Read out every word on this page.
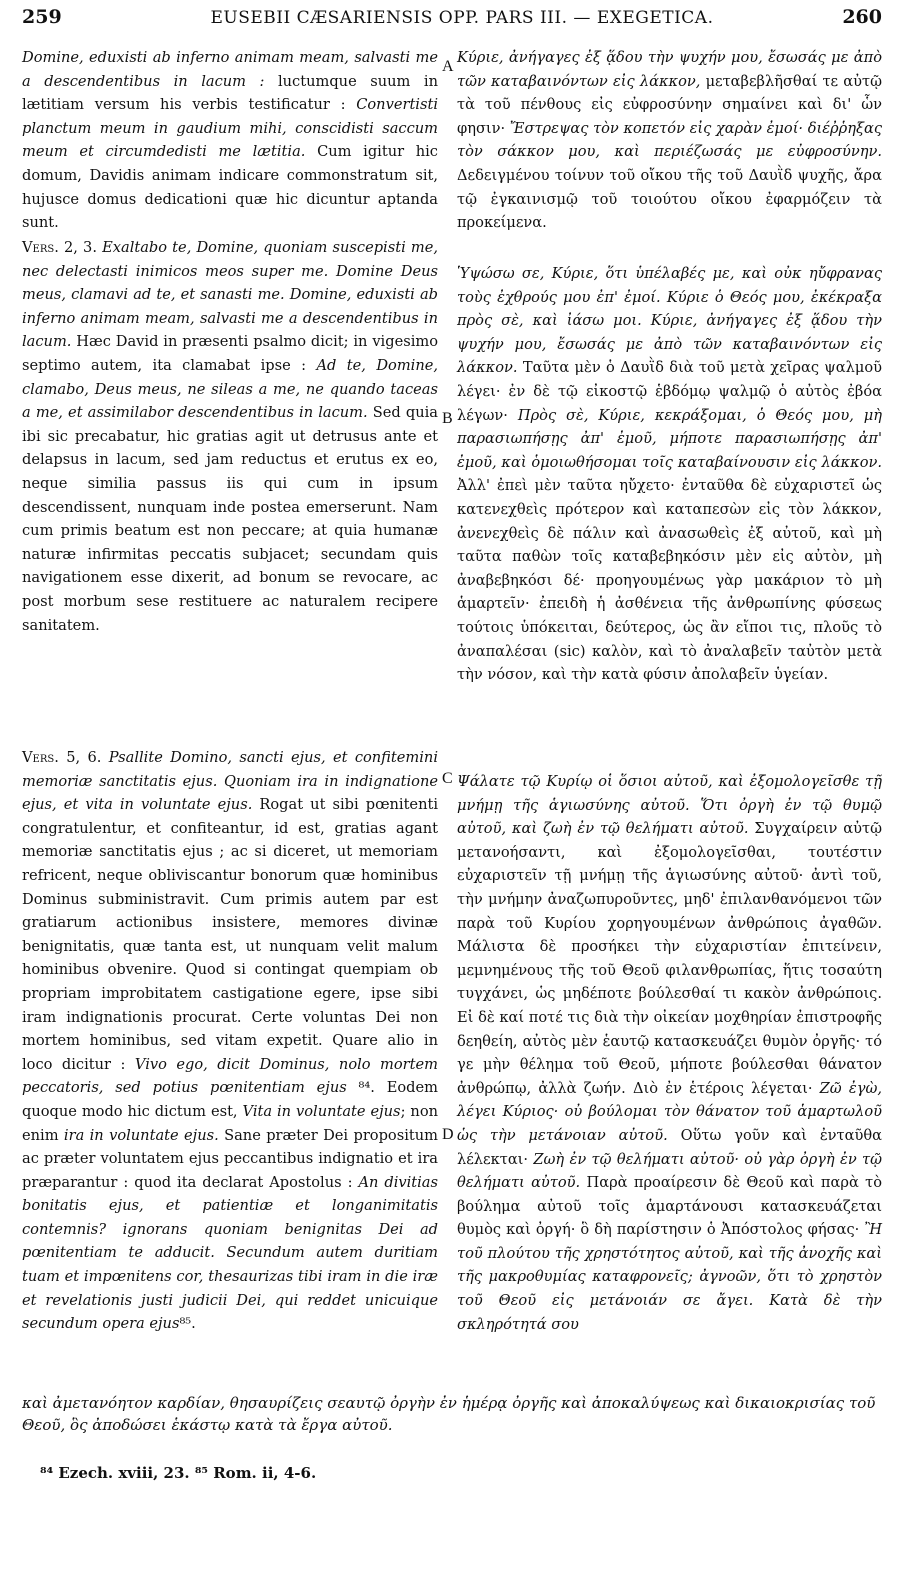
259	EUSEBII CÆSARIENSIS OPP. PARS III. — EXEGETICA.	260

Domine, eduxisti ab inferno animam meam, salvasti me a descendentibus in lacum : luctumque suum in lætitiam versum his verbis testificatur : Convertisti planctum meum in gaudium mihi, conscidisti saccum meum et circumdedisti me lætitia. Cum igitur hic domum, Davidis animam indicare commonstratum sit, hujusce domus dedicationi quæ hic dicuntur aptanda sunt.

Vers. 2, 3. Exaltabo te, Domine, quoniam suscepisti me, nec delectasti inimicos meos super me. Domine Deus meus, clamavi ad te, et sanasti me. Domine, eduxisti ab inferno animam meam, salvasti me a descendentibus in lacum. Hæc David in præsenti psalmo dicit; in vigesimo septimo autem, ita clamabat ipse : Ad te, Domine, clamabo, Deus meus, ne sileas a me, ne quando taceas a me, et assimilabor descendentibus in lacum. Sed quia ibi sic precabatur, hic gratias agit ut detrusus ante et delapsus in lacum, sed jam reductus et erutus ex eo, neque similia passus iis qui cum in ipsum descendissent, nunquam inde postea emerserunt. Nam cum primis beatum est non peccare; at quia humanæ naturæ infirmitas peccatis subjacet; secundam quis navigationem esse dixerit, ad bonum se revocare, ac post morbum sese restituere ac naturalem recipere sanitatem.

Vers. 5, 6. Psallite Domino, sancti ejus, et confitemini memoriæ sanctitatis ejus. Quoniam ira in indignatione ejus, et vita in voluntate ejus. Rogat ut sibi pœnitenti congratulentur, et confiteantur, id est, gratias agant memoriæ sanctitatis ejus ; ac si diceret, ut memoriam refricent, neque obliviscantur bonorum quæ hominibus Dominus subministravit. Cum primis autem par est gratiarum actionibus insistere, memores divinæ benignitatis, quæ tanta est, ut nunquam velit malum hominibus obvenire. Quod si contingat quempiam ob propriam improbitatem castigatione egere, ipse sibi iram indignationis procurat. Certe voluntas Dei non mortem hominibus, sed vitam expetit. Quare alio in loco dicitur : Vivo ego, dicit Dominus, nolo mortem peccatoris, sed potius pœnitentiam ejus ⁸⁴. Eodem quoque modo hic dictum est, Vita in voluntate ejus; non enim ira in voluntate ejus. Sane præter Dei propositum ac præter voluntatem ejus peccantibus indignatio et ira præparantur : quod ita declarat Apostolus : An divitias bonitatis ejus, et patientiæ et longanimitatis contemnis? ignorans quoniam benignitas Dei ad pœnitentiam te adducit. Secundum autem duritiam tuam et impœnitens cor, thesaurizas tibi iram in die iræ et revelationis justi judicii Dei, qui reddet unicuique secundum opera ejus⁸⁵.

Κύριε, ἀνήγαγες ἐξ ᾅδου τὴν ψυχήν μου, ἔσωσάς με ἀπὸ τῶν καταβαινόντων εἰς λάκκον, μεταβεβλῆσθαί τε αὐτῷ τὰ τοῦ πένθους εἰς εὐφροσύνην σημαίνει καὶ δι' ὧν φησιν· Ἔστρεψας τὸν κοπετόν εἰς χαρὰν ἐμοί· διέῤῥηξας τὸν σάκκον μου, καὶ περιέζωσάς με εὐφροσύνην. Δεδειγμένου τοίνυν τοῦ οἴκου τῆς τοῦ Δαυῒδ ψυχῆς, ἄρα τῷ ἐγκαινισμῷ τοῦ τοιούτου οἴκου ἐφαρμόζειν τὰ προκείμενα.

Ὑψώσω σε, Κύριε, ὅτι ὑπέλαβές με, καὶ οὐκ ηὔφρανας τοὺς ἐχθρούς μου ἐπ' ἐμοί. Κύριε ὁ Θεός μου, ἐκέκραξα πρὸς σὲ, καὶ ἰάσω μοι. Κύριε, ἀνήγαγες ἐξ ᾅδου τὴν ψυχήν μου, ἔσωσάς με ἀπὸ τῶν καταβαινόντων εἰς λάκκον. Ταῦτα μὲν ὁ Δαυῒδ διὰ τοῦ μετὰ χεῖρας ψαλμοῦ λέγει· ἐν δὲ τῷ εἰκοστῷ ἑβδόμῳ ψαλμῷ ὁ αὐτὸς ἐβόα λέγων· Πρὸς σὲ, Κύριε, κεκράξομαι, ὁ Θεός μου, μὴ παρασιωπήσῃς ἀπ' ἐμοῦ, μήποτε παρασιωπήσῃς ἀπ' ἐμοῦ, καὶ ὁμοιωθήσομαι τοῖς καταβαίνουσιν εἰς λάκκον. Ἀλλ' ἐπεὶ μὲν ταῦτα ηὔχετο· ἐνταῦθα δὲ εὐχαριστεῖ ὡς κατενεχθεὶς πρότερον καὶ καταπεσὼν εἰς τὸν λάκκον, ἀνενεχθεὶς δὲ πάλιν καὶ ἀνασωθεὶς ἐξ αὐτοῦ, καὶ μὴ ταῦτα παθὼν τοῖς καταβεβηκόσιν μὲν εἰς αὐτὸν, μὴ ἀναβεβηκόσι δέ· προηγουμένως γὰρ μακάριον τὸ μὴ ἁμαρτεῖν· ἐπειδὴ ἡ ἀσθένεια τῆς ἀνθρωπίνης φύσεως τούτοις ὑπόκειται, δεύτερος, ὡς ἂν εἴποι τις, πλοῦς τὸ ἀναπαλέσαι (sic) καλὸν, καὶ τὸ ἀναλαβεῖν ταὐτὸν μετὰ τὴν νόσον, καὶ τὴν κατὰ φύσιν ἀπολαβεῖν ὑγείαν.

Ψάλατε τῷ Κυρίῳ οἱ ὅσιοι αὐτοῦ, καὶ ἐξομολογεῖσθε τῇ μνήμῃ τῆς ἁγιωσύνης αὐτοῦ. Ὅτι ὀργὴ ἐν τῷ θυμῷ αὐτοῦ, καὶ ζωὴ ἐν τῷ θελήματι αὐτοῦ. Συγχαίρειν αὐτῷ μετανοήσαντι, καὶ ἐξομολογεῖσθαι, τουτέστιν εὐχαριστεῖν τῇ μνήμῃ τῆς ἁγιωσύνης αὐτοῦ· ἀντὶ τοῦ, τὴν μνήμην ἀναζωπυροῦντες, μηδ' ἐπιλανθανόμενοι τῶν παρὰ τοῦ Κυρίου χορηγουμένων ἀνθρώποις ἀγαθῶν. Μάλιστα δὲ προσήκει τὴν εὐχαριστίαν ἐπιτείνειν, μεμνημένους τῆς τοῦ Θεοῦ φιλανθρωπίας, ἥτις τοσαύτη τυγχάνει, ὡς μηδέποτε βούλεσθαί τι κακὸν ἀνθρώποις. Εἰ δὲ καί ποτέ τις διὰ τὴν οἰκείαν μοχθηρίαν ἐπιστροφῆς δεηθείη, αὐτὸς μὲν ἑαυτῷ κατασκευάζει θυμὸν ὀργῆς· τό γε μὴν θέλημα τοῦ Θεοῦ, μήποτε βούλεσθαι θάνατον ἀνθρώπῳ, ἀλλὰ ζωήν. Διὸ ἐν ἑτέροις λέγεται· Ζῶ ἐγὼ, λέγει Κύριος· οὐ βούλομαι τὸν θάνατον τοῦ ἁμαρτωλοῦ ὡς τὴν μετάνοιαν αὐτοῦ. Οὕτω γοῦν καὶ ἐνταῦθα λέλεκται· Ζωὴ ἐν τῷ θελήματι αὐτοῦ· οὐ γὰρ ὀργὴ ἐν τῷ θελήματι αὐτοῦ. Παρὰ προαίρεσιν δὲ Θεοῦ καὶ παρὰ τὸ βούλημα αὐτοῦ τοῖς ἁμαρτάνουσι κατασκευάζεται θυμὸς καὶ ὀργή· ὃ δὴ παρίστησιν ὁ Ἀπόστολος φήσας· Ἢ τοῦ πλούτου τῆς χρηστότητος αὐτοῦ, καὶ τῆς ἀνοχῆς καὶ τῆς μακροθυμίας καταφρονεῖς; ἀγνοῶν, ὅτι τὸ χρηστὸν τοῦ Θεοῦ εἰς μετάνοιάν σε ἄγει. Κατὰ δὲ τὴν σκληρότητά σου

A
B
C
D
καὶ ἀμετανόητον καρδίαν, θησαυρίζεις σεαυτῷ ὀργὴν ἐν ἡμέρᾳ ὀργῆς καὶ ἀποκαλύψεως καὶ δικαιοκρισίας τοῦ Θεοῦ, ὃς ἀποδώσει ἑκάστῳ κατὰ τὰ ἔργα αὐτοῦ.
⁸⁴ Ezech. xviii, 23. ⁸⁵ Rom. ii, 4-6.
